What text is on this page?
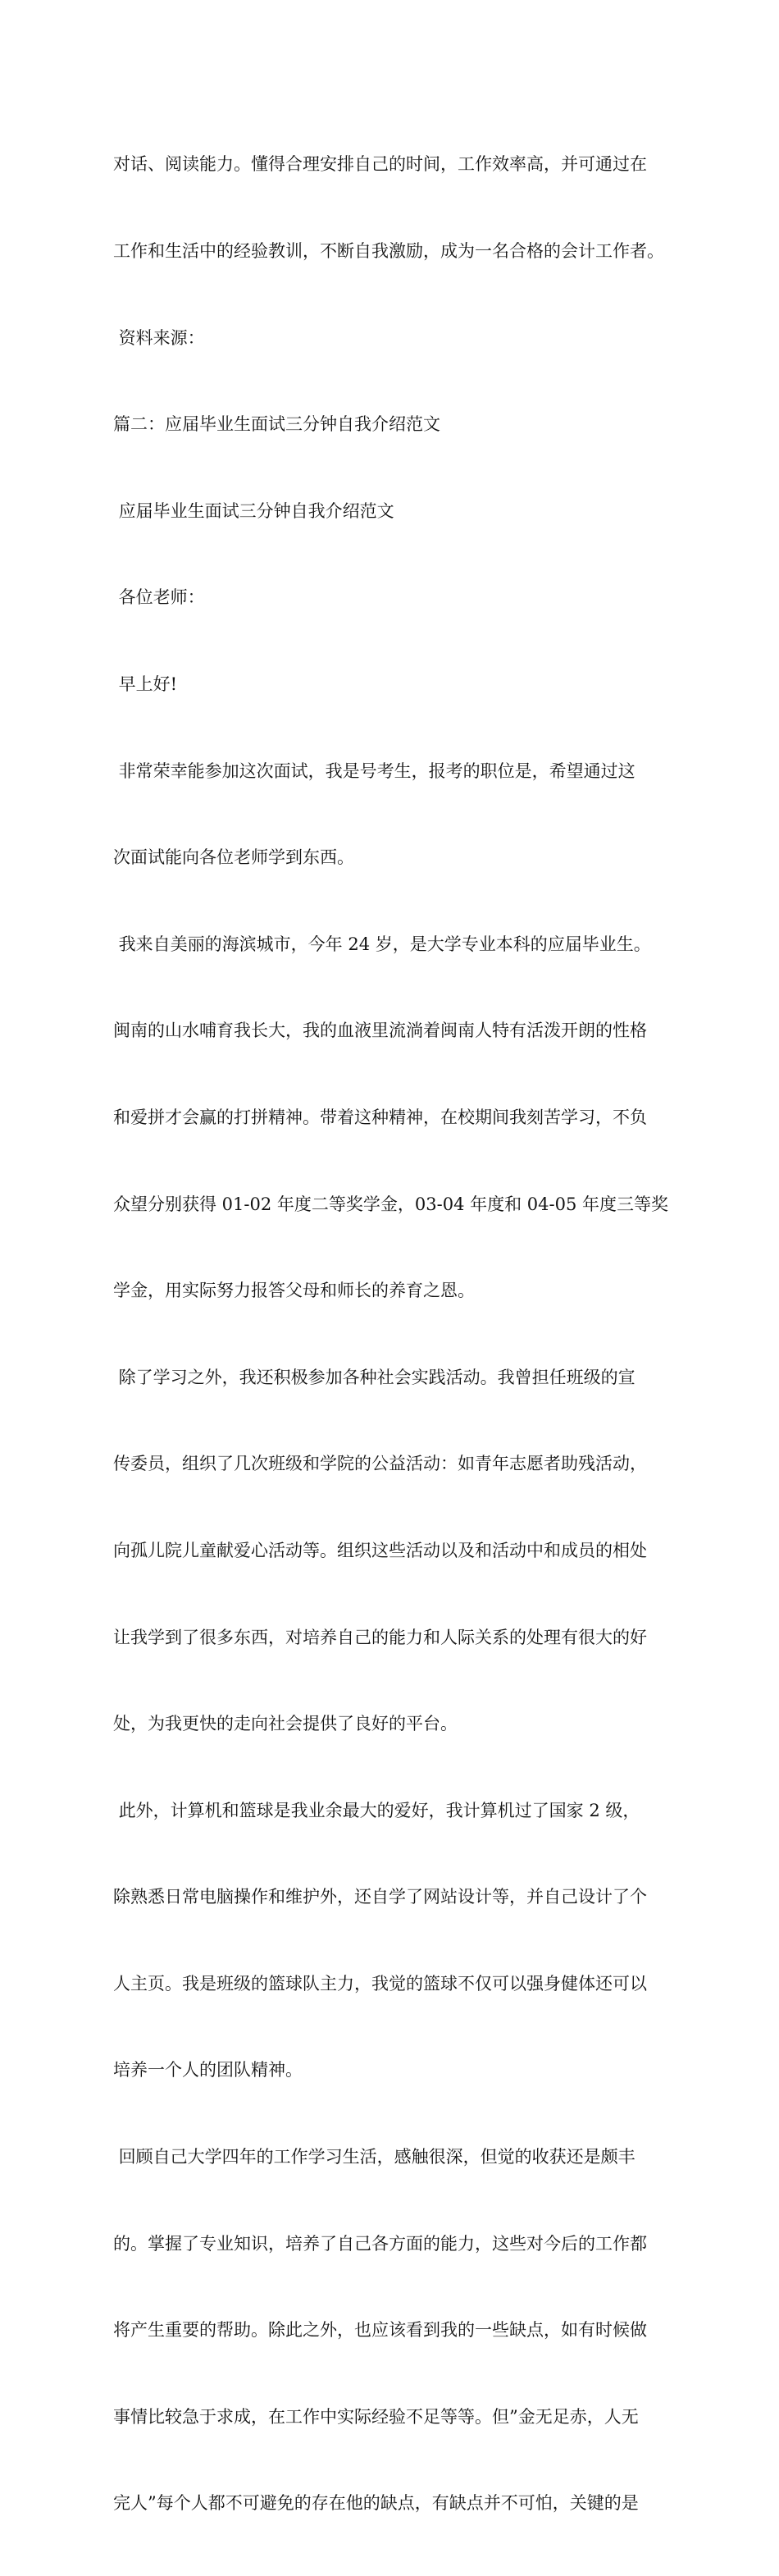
对话、阅读能力。懂得合理安排自己的时间，工作效率高，并可通过在

工作和生活中的经验教训，不断自我激励，成为一名合格的会计工作者。

资料来源：

篇二：应届毕业生面试三分钟自我介绍范文

应届毕业生面试三分钟自我介绍范文

各位老师：

早上好!

非常荣幸能参加这次面试，我是号考生，报考的职位是，希望通过这

次面试能向各位老师学到东西。

我来自美丽的海滨城市，今年 24 岁，是大学专业本科的应届毕业生。

闽南的山水哺育我长大，我的血液里流淌着闽南人特有活泼开朗的性格

和爱拼才会赢的打拼精神。带着这种精神，在校期间我刻苦学习，不负

众望分别获得 01-02 年度二等奖学金，03-04 年度和 04-05 年度三等奖

学金，用实际努力报答父母和师长的养育之恩。

除了学习之外，我还积极参加各种社会实践活动。我曾担任班级的宣

传委员，组织了几次班级和学院的公益活动：如青年志愿者助残活动，

向孤儿院儿童献爱心活动等。组织这些活动以及和活动中和成员的相处

让我学到了很多东西，对培养自己的能力和人际关系的处理有很大的好

处，为我更快的走向社会提供了良好的平台。

此外，计算机和篮球是我业余最大的爱好，我计算机过了国家 2 级，

除熟悉日常电脑操作和维护外，还自学了网站设计等，并自己设计了个

人主页。我是班级的篮球队主力，我觉的篮球不仅可以强身健体还可以

培养一个人的团队精神。

回顾自己大学四年的工作学习生活，感触很深，但觉的收获还是颇丰

的。掌握了专业知识，培养了自己各方面的能力，这些对今后的工作都

将产生重要的帮助。除此之外，也应该看到我的一些缺点，如有时候做

事情比较急于求成，在工作中实际经验不足等等。但”金无足赤，人无

完人”每个人都不可避免的存在他的缺点，有缺点并不可怕，关键的是
